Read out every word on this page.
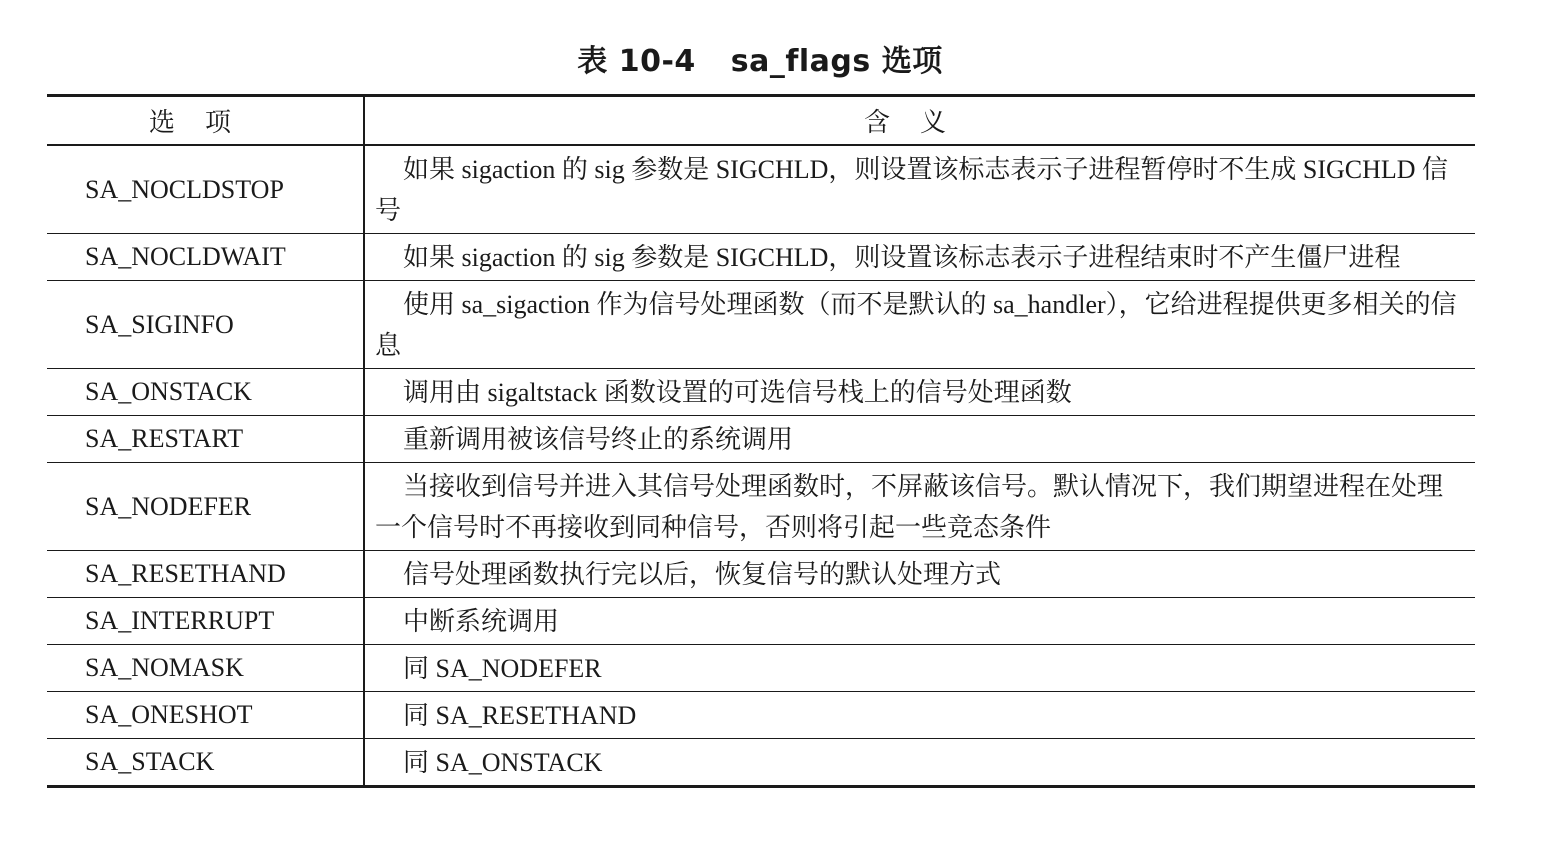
表 10-4 sa_flags 选项
选项	含义
SA_NOCLDSTOP	如果 sigaction 的 sig 参数是 SIGCHLD，则设置该标志表示子进程暂停时不生成 SIGCHLD 信号

SA_NOCLDWAIT	如果 sigaction 的 sig 参数是 SIGCHLD，则设置该标志表示子进程结束时不产生僵尸进程

SA_SIGINFO	使用 sa_sigaction 作为信号处理函数（而不是默认的 sa_handler），它给进程提供更多相关的信息

SA_ONSTACK	调用由 sigaltstack 函数设置的可选信号栈上的信号处理函数

SA_RESTART	重新调用被该信号终止的系统调用

SA_NODEFER	当接收到信号并进入其信号处理函数时，不屏蔽该信号。默认情况下，我们期望进程在处理一个信号时不再接收到同种信号，否则将引起一些竞态条件

SA_RESETHAND	信号处理函数执行完以后，恢复信号的默认处理方式

SA_INTERRUPT	中断系统调用

SA_NOMASK	同 SA_NODEFER

SA_ONESHOT	同 SA_RESETHAND

SA_STACK	同 SA_ONSTACK
